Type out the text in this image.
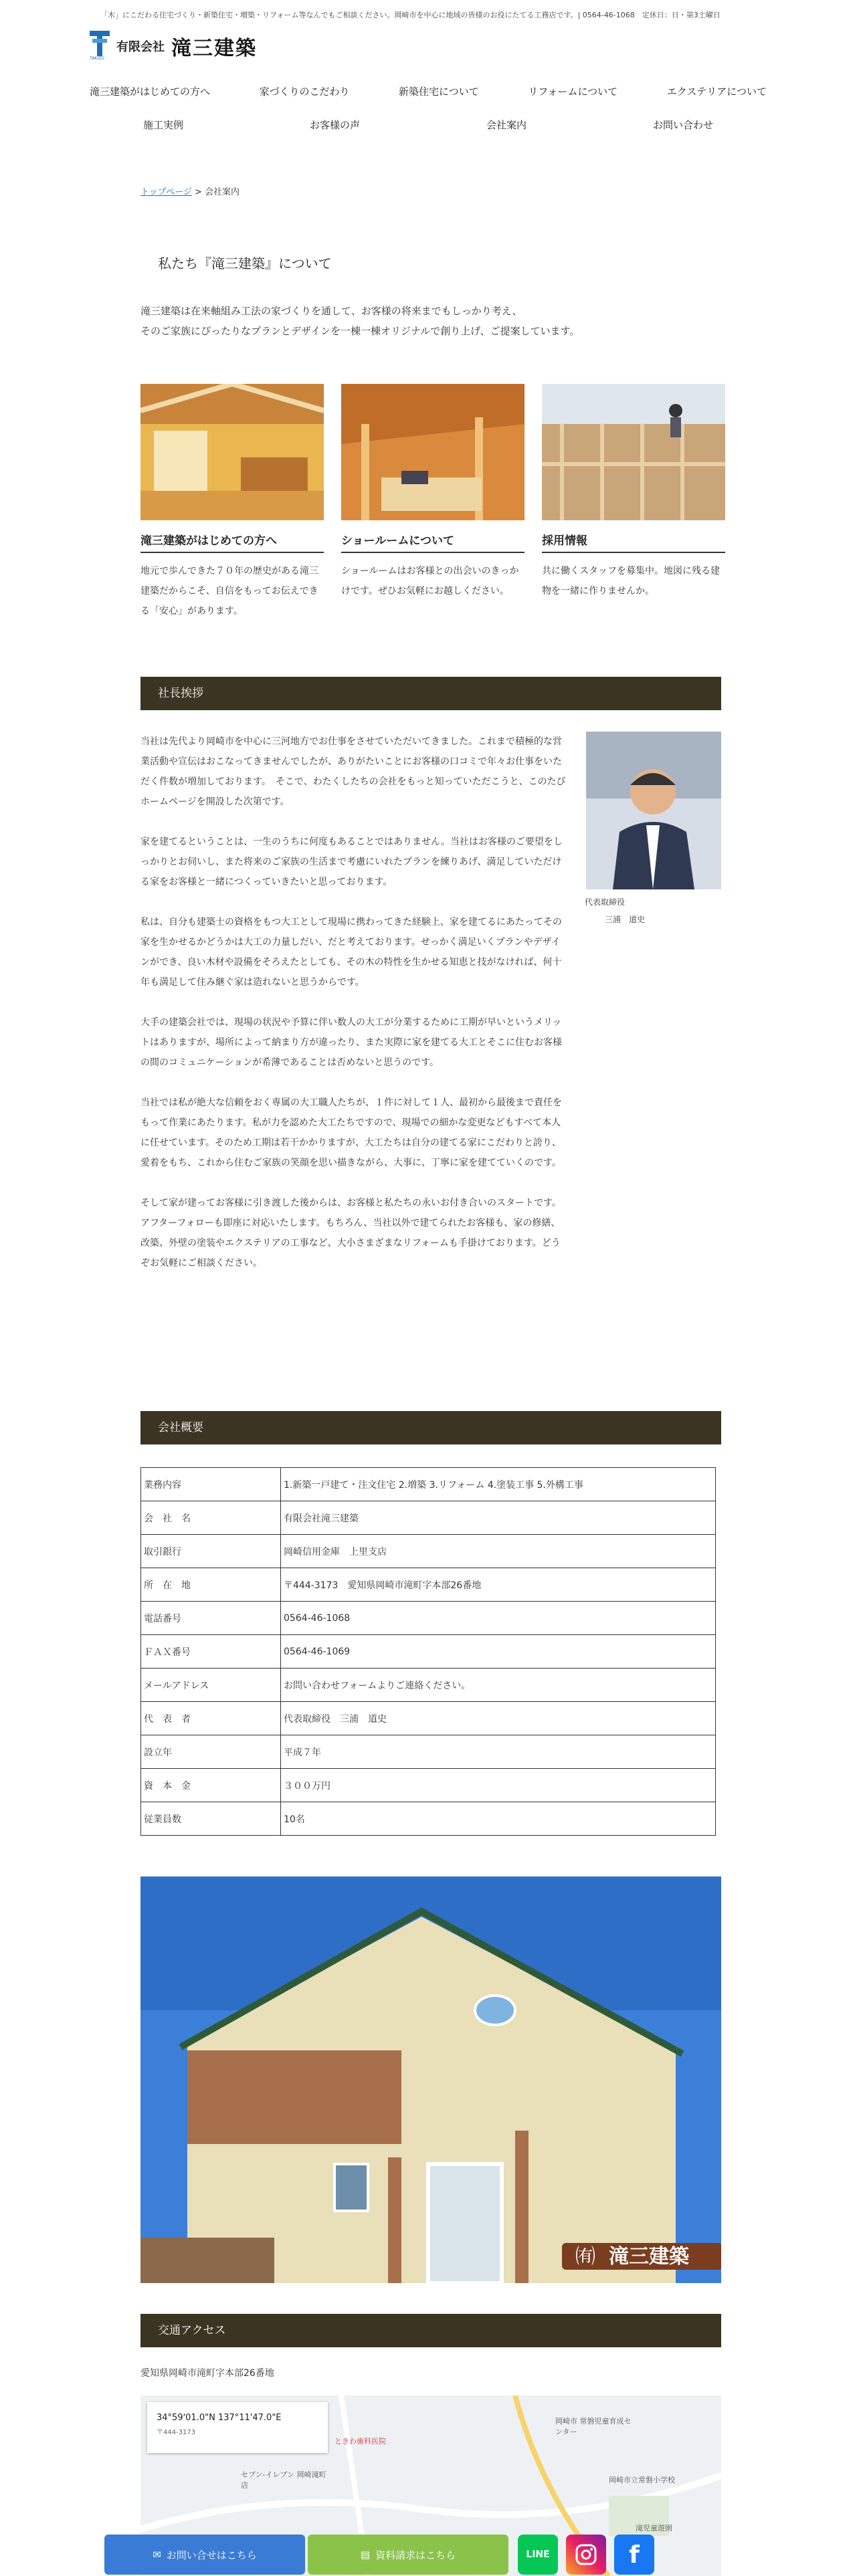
「木」にこだわる住宅づくり・新築住宅・増築・リフォーム等なんでもご相談ください。岡崎市を中心に地域の皆様のお役にたてる工務店です。| 0564-46-1068　定休日：日・第3土曜日
TAKIZO
有限会社 滝三建築
滝三建築がはじめての方へ	家づくりのこだわり	新築住宅について	リフォームについて	エクステリアについて
施工実例	お客様の声	会社案内	お問い合わせ
トップページ > 会社案内
私たち『滝三建築』について
滝三建築は在来軸組み工法の家づくりを通して、お客様の将来までもしっかり考え、
そのご家族にぴったりなプランとデザインを一棟一棟オリジナルで創り上げ、ご提案しています。
滝三建築がはじめての方へ
地元で歩んできた７０年の歴史がある滝三建築だからこそ、自信をもってお伝えできる「安心」があります。
ショールームについて
ショールームはお客様との出会いのきっかけです。ぜひお気軽にお越しください。
採用情報
共に働くスタッフを募集中。地図に残る建物を一緒に作りませんか。
社長挨拶

当社は先代より岡崎市を中心に三河地方でお仕事をさせていただいてきました。これまで積極的な営業活動や宣伝はおこなってきませんでしたが、ありがたいことにお客様の口コミで年々お仕事をいただく件数が増加しております。　そこで、わたくしたちの会社をもっと知っていただこうと、このたびホームページを開設した次第です。

家を建てるということは、一生のうちに何度もあることではありません。当社はお客様のご要望をしっかりとお伺いし、また将来のご家族の生活まで考慮にいれたプランを練りあげ、満足していただける家をお客様と一緒につくっていきたいと思っております。

私は、自分も建築士の資格をもつ大工として現場に携わってきた経験上、家を建てるにあたってその家を生かせるかどうかは大工の力量しだい、だと考えております。せっかく満足いくプランやデザインができ、良い木材や設備をそろえたとしても、その木の特性を生かせる知恵と技がなければ、何十年も満足して住み継ぐ家は造れないと思うからです。

大手の建築会社では、現場の状況や予算に伴い数人の大工が分業するために工期が早いというメリットはありますが、場所によって納まり方が違ったり、また実際に家を建てる大工とそこに住むお客様の間のコミュニケーションが希薄であることは否めないと思うのです。

当社では私が絶大な信頼をおく専属の大工職人たちが、１件に対して１人、最初から最後まで責任をもって作業にあたります。私が力を認めた大工たちですので、現場での細かな変更などもすべて本人に任せています。そのため工期は若干かかりますが、大工たちは自分の建てる家にこだわりと誇り、愛着をもち、これから住むご家族の笑顔を思い描きながら、大事に、丁寧に家を建てていくのです。

そして家が建ってお客様に引き渡した後からは、お客様と私たちの永いお付き合いのスタートです。アフターフォローも即座に対応いたします。もちろん、当社以外で建てられたお客様も、家の修繕、改築、外壁の塗装やエクステリアの工事など、大小さまざまなリフォームも手掛けております。どうぞお気軽にご相談ください。

代表取締役
三浦　道史
会社概要
業務内容	1.新築一戸建て・注文住宅 2.増築 3.リフォーム 4.塗装工事 5.外構工事
会　社　名	有限会社滝三建築
取引銀行	岡崎信用金庫　上里支店
所　在　地	〒444-3173　愛知県岡崎市滝町字本部26番地
電話番号	0564-46-1068
ＦＡＸ番号	0564-46-1069
メールアドレス	お問い合わせフォームよりご連絡ください。
代　表　者	代表取締役　三浦　道史
設立年	平成７年
資　本　金	３００万円
従業員数	10名
㈲ 滝三建築
交通アクセス
愛知県岡崎市滝町字本部26番地
34°59'01.0"N 137°11'47.0"E
〒444-3173
ときわ歯科医院
岡崎市 常磐児童育成センター
セブン-イレブン 岡崎滝町店
岡崎市立常磐小学校
滝児童遊園
✉ お問い合せはこちら	▤ 資料請求はこちら	LINE	f
